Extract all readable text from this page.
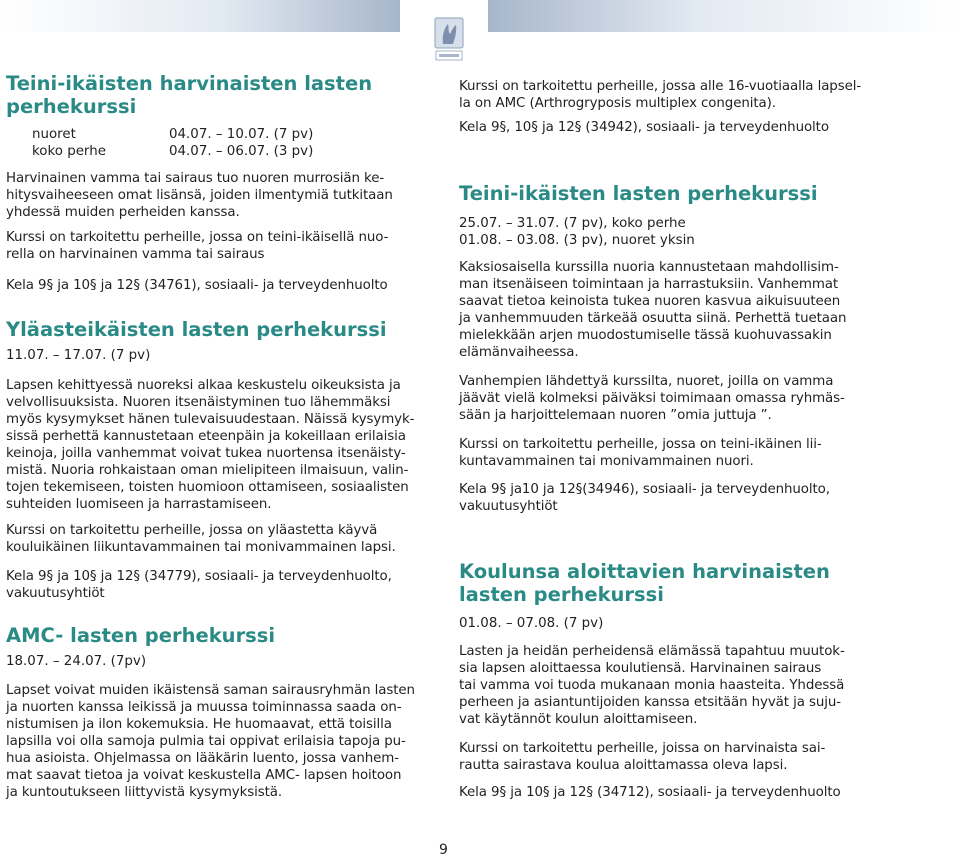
Teini-ikäisten harvinaisten lasten
perhekurssi
nuoret	04.07. – 10.07. (7 pv)
koko perhe	04.07. – 06.07. (3 pv)

Harvinainen vamma tai sairaus tuo nuoren murrosiän ke-
hitysvaiheeseen omat lisänsä, joiden ilmentymiä tutkitaan
yhdessä muiden perheiden kanssa.

Kurssi on tarkoitettu perheille, jossa on teini-ikäisellä nuo-
rella on harvinainen vamma tai sairaus

Kela 9§ ja 10§ ja 12§ (34761), sosiaali- ja terveydenhuolto

Yläasteikäisten lasten perhekurssi
11.07. – 17.07. (7 pv)

Lapsen kehittyessä nuoreksi alkaa keskustelu oikeuksista ja
velvollisuuksista. Nuoren itsenäistyminen tuo lähemmäksi
myös kysymykset hänen tulevaisuudestaan. Näissä kysymyk-
sissä perhettä kannustetaan eteenpäin ja kokeillaan erilaisia
keinoja, joilla vanhemmat voivat tukea nuortensa itsenäisty-
mistä. Nuoria rohkaistaan oman mielipiteen ilmaisuun, valin-
tojen tekemiseen, toisten huomioon ottamiseen, sosiaalisten
suhteiden luomiseen ja harrastamiseen.

Kurssi on tarkoitettu perheille, jossa on yläastetta käyvä
kouluikäinen liikuntavammainen tai monivammainen lapsi.

Kela 9§ ja 10§ ja 12§ (34779), sosiaali- ja terveydenhuolto,
vakuutusyhtiöt

AMC- lasten perhekurssi
18.07. – 24.07. (7pv)

Lapset voivat muiden ikäistensä saman sairausryhmän lasten
ja nuorten kanssa leikissä ja muussa toiminnassa saada on-
nistumisen ja ilon kokemuksia. He huomaavat, että toisilla
lapsilla voi olla samoja pulmia tai oppivat erilaisia tapoja pu-
hua asioista. Ohjelmassa on lääkärin luento, jossa vanhem-
mat saavat tietoa ja voivat keskustella AMC- lapsen hoitoon
ja kuntoutukseen liittyvistä kysymyksistä.

Kurssi on tarkoitettu perheille, jossa alle 16-vuotiaalla lapsel-
la on AMC (Arthrogryposis multiplex congenita).

Kela 9§, 10§ ja 12§ (34942), sosiaali- ja terveydenhuolto

Teini-ikäisten lasten perhekurssi
25.07. – 31.07. (7 pv), koko perhe
01.08. – 03.08. (3 pv), nuoret yksin

Kaksiosaisella kurssilla nuoria kannustetaan mahdollisim-
man itsenäiseen toimintaan ja harrastuksiin. Vanhemmat
saavat tietoa keinoista tukea nuoren kasvua aikuisuuteen
ja vanhemmuuden tärkeää osuutta siinä. Perhettä tuetaan
mielekkään arjen muodostumiselle tässä kuohuvassakin
elämänvaiheessa.

Vanhempien lähdettyä kurssilta, nuoret, joilla on vamma
jäävät vielä kolmeksi päiväksi toimimaan omassa ryhmäs-
sään ja harjoittelemaan nuoren ”omia juttuja ”.

Kurssi on tarkoitettu perheille, jossa on teini-ikäinen lii-
kuntavammainen tai monivammainen nuori.

Kela 9§ ja10 ja 12§(34946), sosiaali- ja terveydenhuolto,
vakuutusyhtiöt

Koulunsa aloittavien harvinaisten
lasten perhekurssi
01.08. – 07.08. (7 pv)

Lasten ja heidän perheidensä elämässä tapahtuu muutok-
sia lapsen aloittaessa koulutiensä. Harvinainen sairaus
tai vamma voi tuoda mukanaan monia haasteita. Yhdessä
perheen ja asiantuntijoiden kanssa etsitään hyvät ja suju-
vat käytännöt koulun aloittamiseen.

Kurssi on tarkoitettu perheille, joissa on harvinaista sai-
rautta sairastava koulua aloittamassa oleva lapsi.

Kela 9§ ja 10§ ja 12§ (34712), sosiaali- ja terveydenhuolto

9
